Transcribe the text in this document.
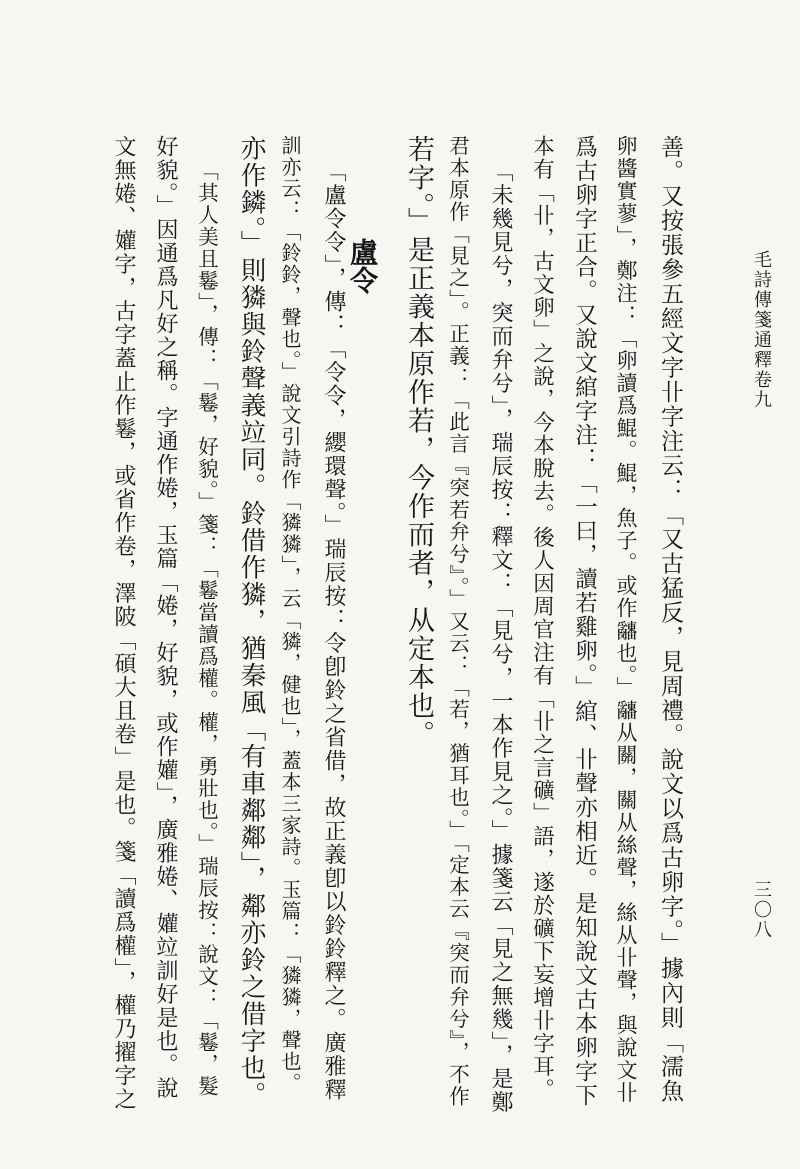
毛詩傳箋通釋卷九
三〇八
善。又按張參五經文字卝字注云：「又古猛反，見周禮。說文以爲古卵字。」據內則「濡魚
卵醬實蓼」，鄭注：「卵讀爲鯤。鯤，魚子。或作𤕌也。」𤕌从關，關从絲聲，絲从卝聲，與說文卝
爲古卵字正合。又說文綰字注：「一曰，讀若雞卵。」綰、卝聲亦相近。是知說文古本卵字下
本有「卝，古文卵」之說，今本脫去。後人因周官注有「卝之言礦」語，遂於礦下妄增卝字耳。
「未幾見兮，突而弁兮」，瑞辰按：釋文：「見兮，一本作見之。」據箋云「見之無幾」，是鄭
君本原作「見之」。正義：「此言『突若弁兮』。」又云：「若，猶耳也。」「定本云『突而弁兮』，不作
若字。」是正義本原作若，今作而者，从定本也。
盧令
「盧令令」，傳：「令令，纓環聲。」瑞辰按：令卽鈴之省借，故正義卽以鈴鈴釋之。廣雅釋
訓亦云：「鈴鈴，聲也。」說文引詩作「獜獜」，云「獜，健也」，蓋本三家詩。玉篇：「獜獜，聲也。
亦作鏻。」則獜與鈴聲義竝同。鈴借作獜，猶秦風「有車鄰鄰」，鄰亦鈴之借字也。
「其人美且鬈」，傳：「鬈，好貌。」箋：「鬈當讀爲權。權，勇壯也。」瑞辰按：說文：「鬈，髮
好貌。」因通爲凡好之稱。字通作婘，玉篇「婘，好貌，或作孉」，廣雅婘、孉竝訓好是也。說
文無婘、孉字，古字蓋止作鬈，或省作卷，澤陂「碩大且卷」是也。箋「讀爲權」，權乃擢字之
